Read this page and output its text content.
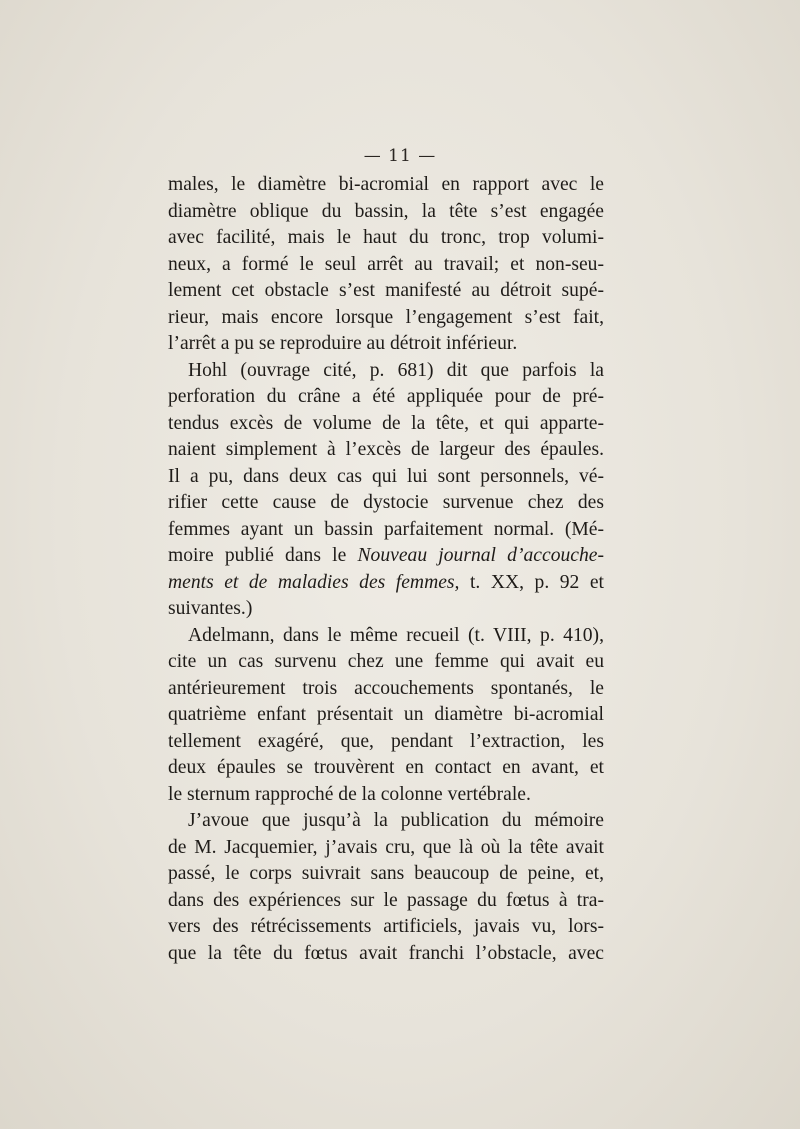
— 11 —
males, le diamètre bi-acromial en rapport avec le
diamètre oblique du bassin, la tête s’est engagée
avec facilité, mais le haut du tronc, trop volumi-
neux, a formé le seul arrêt au travail; et non-seu-
lement cet obstacle s’est manifesté au détroit supé-
rieur, mais encore lorsque l’engagement s’est fait,
l’arrêt a pu se reproduire au détroit inférieur.
Hohl (ouvrage cité, p. 681) dit que parfois la
perforation du crâne a été appliquée pour de pré-
tendus excès de volume de la tête, et qui apparte-
naient simplement à l’excès de largeur des épaules.
Il a pu, dans deux cas qui lui sont personnels, vé-
rifier cette cause de dystocie survenue chez des
femmes ayant un bassin parfaitement normal. (Mé-
moire publié dans le Nouveau journal d’accouche-
ments et de maladies des femmes, t. XX, p. 92 et
suivantes.)
Adelmann, dans le même recueil (t. VIII, p. 410),
cite un cas survenu chez une femme qui avait eu
antérieurement trois accouchements spontanés, le
quatrième enfant présentait un diamètre bi-acromial
tellement exagéré, que, pendant l’extraction, les
deux épaules se trouvèrent en contact en avant, et
le sternum rapproché de la colonne vertébrale.
J’avoue que jusqu’à la publication du mémoire
de M. Jacquemier, j’avais cru, que là où la tête avait
passé, le corps suivrait sans beaucoup de peine, et,
dans des expériences sur le passage du fœtus à tra-
vers des rétrécissements artificiels, javais vu, lors-
que la tête du fœtus avait franchi l’obstacle, avec
